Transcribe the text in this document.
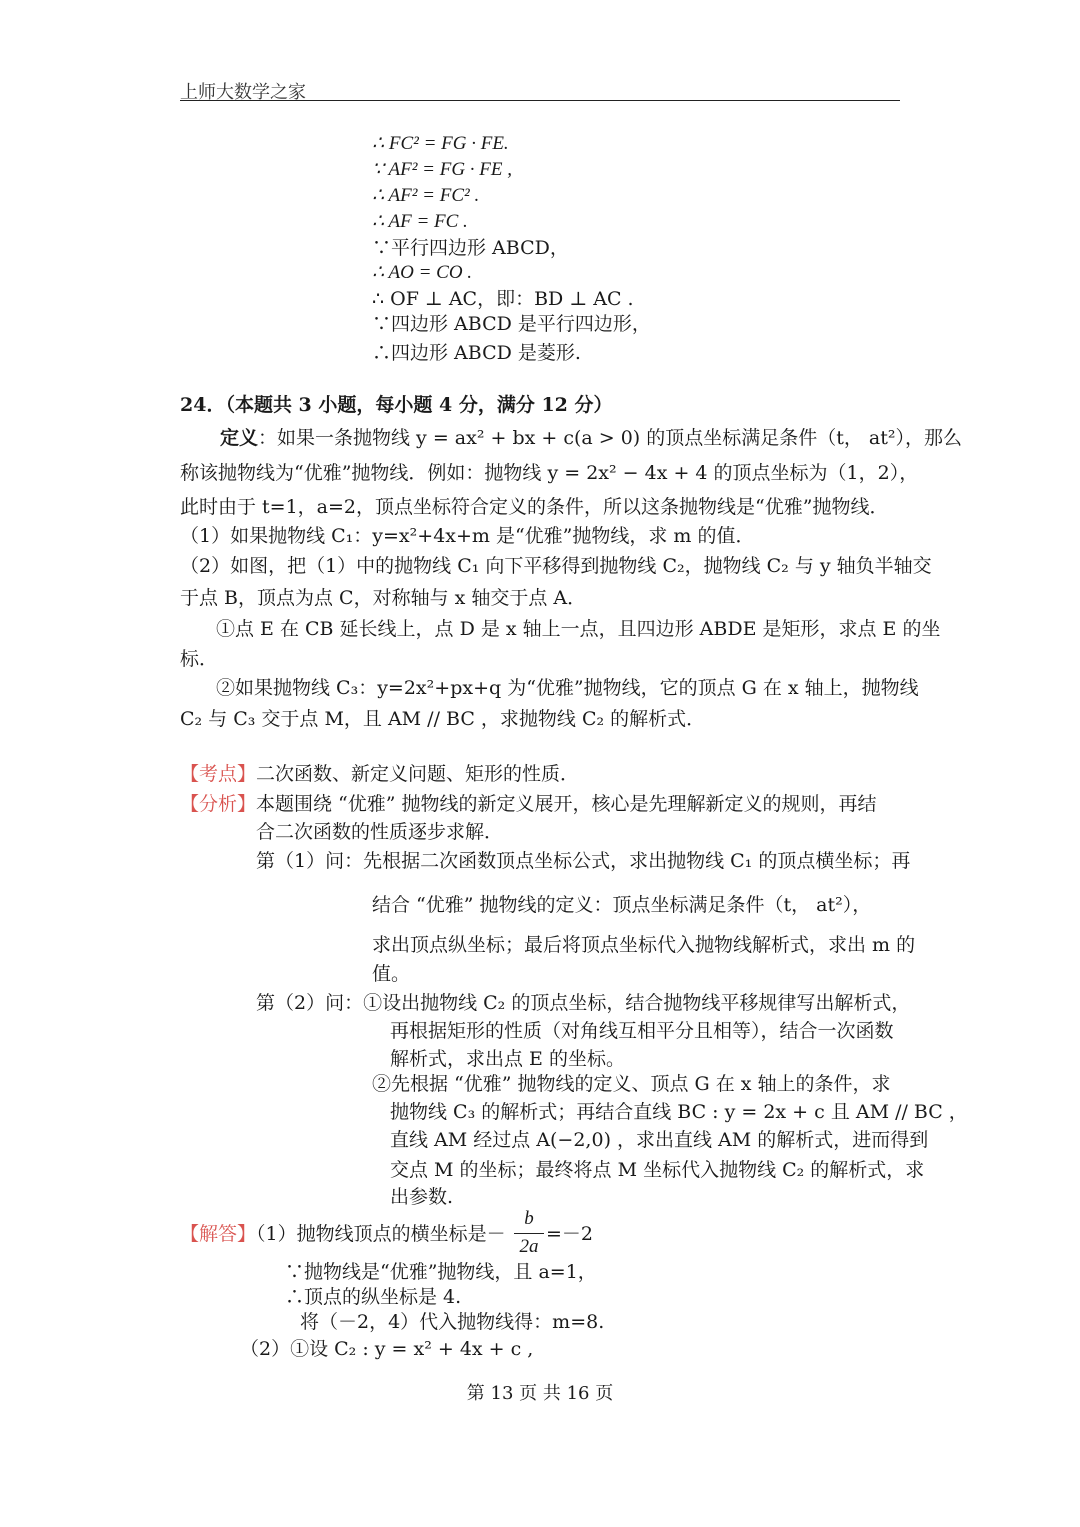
上师大数学之家
∴ FC² = FG · FE.
∵ AF² = FG · FE ,
∴ AF² = FC² .
∴ AF = FC .
∵平行四边形 ABCD，
∴ AO = CO .
∴ OF ⊥ AC，即：BD ⊥ AC .
∵四边形 ABCD 是平行四边形，
∴四边形 ABCD 是菱形.
24．（本题共 3 小题，每小题 4 分，满分 12 分）
定义：如果一条抛物线 y = ax² + bx + c(a > 0) 的顶点坐标满足条件（t， at²），那么
称该抛物线为“优雅”抛物线．例如：抛物线 y = 2x² − 4x + 4 的顶点坐标为（1，2），
此时由于 t=1，a=2，顶点坐标符合定义的条件，所以这条抛物线是“优雅”抛物线．
（1）如果抛物线 C₁：y=x²+4x+m 是“优雅”抛物线，求 m 的值．
（2）如图，把（1）中的抛物线 C₁ 向下平移得到抛物线 C₂，抛物线 C₂ 与 y 轴负半轴交
于点 B，顶点为点 C，对称轴与 x 轴交于点 A．
①点 E 在 CB 延长线上，点 D 是 x 轴上一点，且四边形 ABDE 是矩形，求点 E 的坐
标．
②如果抛物线 C₃：y=2x²+px+q 为“优雅”抛物线，它的顶点 G 在 x 轴上，抛物线
C₂ 与 C₃ 交于点 M，且 AM // BC ，求抛物线 C₂ 的解析式．
【考点】二次函数、新定义问题、矩形的性质．
【分析】本题围绕 “优雅” 抛物线的新定义展开，核心是先理解新定义的规则，再结
合二次函数的性质逐步求解．
第（1）问：先根据二次函数顶点坐标公式，求出抛物线 C₁ 的顶点横坐标；再
结合 “优雅” 抛物线的定义：顶点坐标满足条件（t， at²），
求出顶点纵坐标；最后将顶点坐标代入抛物线解析式，求出 m 的
值。
第（2）问：①设出抛物线 C₂ 的顶点坐标，结合抛物线平移规律写出解析式，
再根据矩形的性质（对角线互相平分且相等），结合一次函数
解析式，求出点 E 的坐标。
②先根据 “优雅” 抛物线的定义、顶点 G 在 x 轴上的条件，求
抛物线 C₃ 的解析式；再结合直线 BC : y = 2x + c 且 AM // BC ，
直线 AM 经过点 A(−2,0) ，求出直线 AM 的解析式，进而得到
交点 M 的坐标；最终将点 M 坐标代入抛物线 C₂ 的解析式，求
出参数.
【解答】（1）抛物线顶点的横坐标是－
b
2a
=－2
∵抛物线是“优雅”抛物线，且 a=1，
∴顶点的纵坐标是 4.
将（－2，4）代入抛物线得：m=8.
（2）①设 C₂ : y = x² + 4x + c ,
第 13 页 共 16 页
